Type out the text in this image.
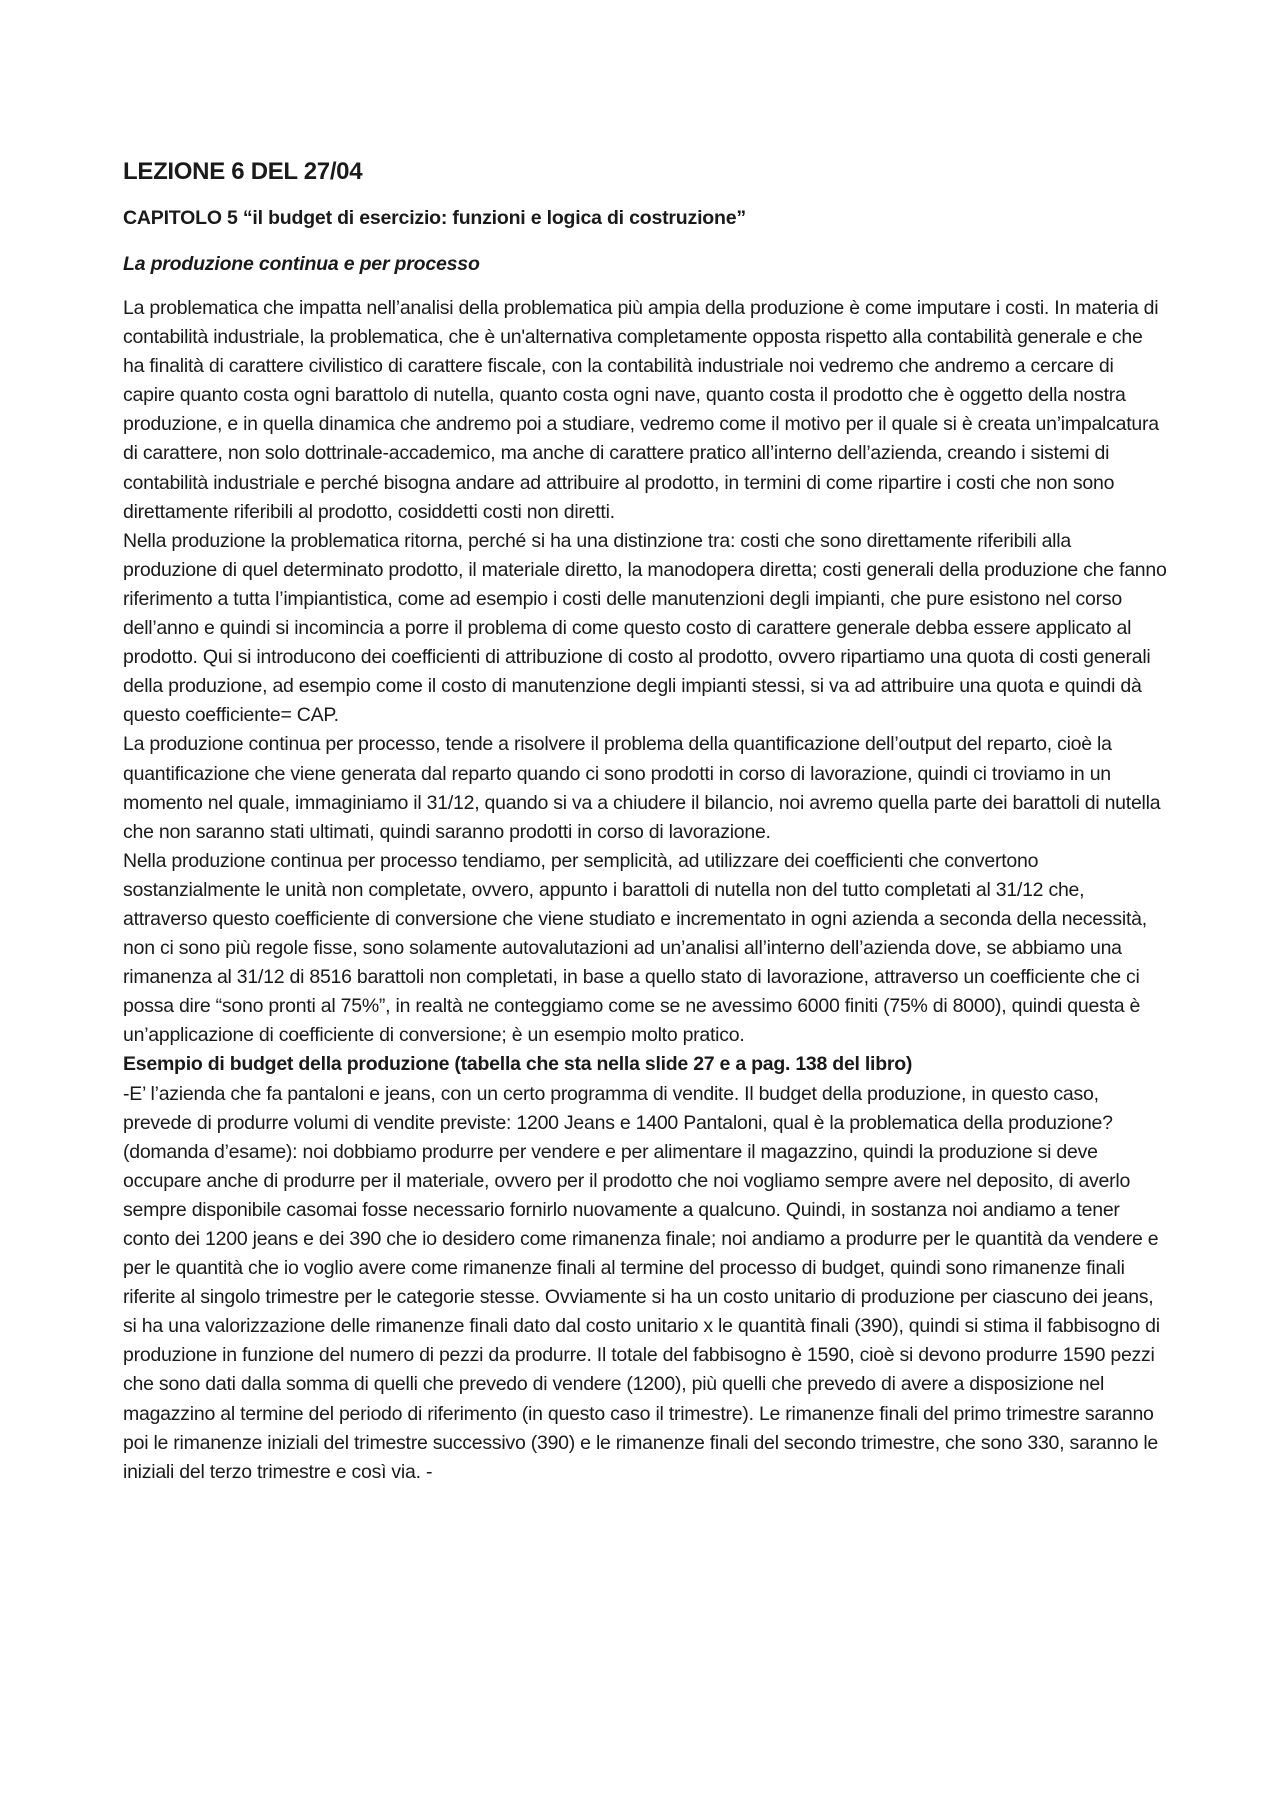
LEZIONE 6 DEL 27/04
CAPITOLO 5 “il budget di esercizio: funzioni e logica di costruzione”
La produzione continua e per processo

La problematica che impatta nell’analisi della problematica più ampia della produzione è come imputare i costi. In materia di contabilità industriale, la problematica, che è un'alternativa completamente opposta rispetto alla contabilità generale e che ha finalità di carattere civilistico di carattere fiscale, con la contabilità industriale noi vedremo che andremo a cercare di capire quanto costa ogni barattolo di nutella, quanto costa ogni nave, quanto costa il prodotto che è oggetto della nostra produzione, e in quella dinamica che andremo poi a studiare, vedremo come il motivo per il quale si è creata un’impalcatura di carattere, non solo dottrinale-accademico, ma anche di carattere pratico all’interno dell’azienda, creando i sistemi di contabilità industriale e perché bisogna andare ad attribuire al prodotto, in termini di come ripartire i costi che non sono direttamente riferibili al prodotto, cosiddetti costi non diretti.

Nella produzione la problematica ritorna, perché si ha una distinzione tra: costi che sono direttamente riferibili alla produzione di quel determinato prodotto, il materiale diretto, la manodopera diretta; costi generali della produzione che fanno riferimento a tutta l’impiantistica, come ad esempio i costi delle manutenzioni degli impianti, che pure esistono nel corso dell’anno e quindi si incomincia a porre il problema di come questo costo di carattere generale debba essere applicato al prodotto. Qui si introducono dei coefficienti di attribuzione di costo al prodotto, ovvero ripartiamo una quota di costi generali della produzione, ad esempio come il costo di manutenzione degli impianti stessi, si va ad attribuire una quota e quindi dà questo coefficiente= CAP.

La produzione continua per processo, tende a risolvere il problema della quantificazione dell’output del reparto, cioè la quantificazione che viene generata dal reparto quando ci sono prodotti in corso di lavorazione, quindi ci troviamo in un momento nel quale, immaginiamo il 31/12, quando si va a chiudere il bilancio, noi avremo quella parte dei barattoli di nutella che non saranno stati ultimati, quindi saranno prodotti in corso di lavorazione.

Nella produzione continua per processo tendiamo, per semplicità, ad utilizzare dei coefficienti che convertono sostanzialmente le unità non completate, ovvero, appunto i barattoli di nutella non del tutto completati al 31/12 che, attraverso questo coefficiente di conversione che viene studiato e incrementato in ogni azienda a seconda della necessità, non ci sono più regole fisse, sono solamente autovalutazioni ad un’analisi all’interno dell’azienda dove, se abbiamo una rimanenza al 31/12 di 8516 barattoli non completati, in base a quello stato di lavorazione, attraverso un coefficiente che ci possa dire “sono pronti al 75%”, in realtà ne conteggiamo come se ne avessimo 6000 finiti (75% di 8000), quindi questa è un’applicazione di coefficiente di conversione; è un esempio molto pratico.

Esempio di budget della produzione (tabella che sta nella slide 27 e a pag. 138 del libro)

-E’ l’azienda che fa pantaloni e jeans, con un certo programma di vendite. Il budget della produzione, in questo caso, prevede di produrre volumi di vendite previste: 1200 Jeans e 1400 Pantaloni, qual è la problematica della produzione? (domanda d’esame): noi dobbiamo produrre per vendere e per alimentare il magazzino, quindi la produzione si deve occupare anche di produrre per il materiale, ovvero per il prodotto che noi vogliamo sempre avere nel deposito, di averlo sempre disponibile casomai fosse necessario fornirlo nuovamente a qualcuno. Quindi, in sostanza noi andiamo a tener conto dei 1200 jeans e dei 390 che io desidero come rimanenza finale; noi andiamo a produrre per le quantità da vendere e per le quantità che io voglio avere come rimanenze finali al termine del processo di budget, quindi sono rimanenze finali riferite al singolo trimestre per le categorie stesse. Ovviamente si ha un costo unitario di produzione per ciascuno dei jeans, si ha una valorizzazione delle rimanenze finali dato dal costo unitario x le quantità finali (390), quindi si stima il fabbisogno di produzione in funzione del numero di pezzi da produrre. Il totale del fabbisogno è 1590, cioè si devono produrre 1590 pezzi che sono dati dalla somma di quelli che prevedo di vendere (1200), più quelli che prevedo di avere a disposizione nel magazzino al termine del periodo di riferimento (in questo caso il trimestre). Le rimanenze finali del primo trimestre saranno poi le rimanenze iniziali del trimestre successivo (390) e le rimanenze finali del secondo trimestre, che sono 330, saranno le iniziali del terzo trimestre e così via. -
